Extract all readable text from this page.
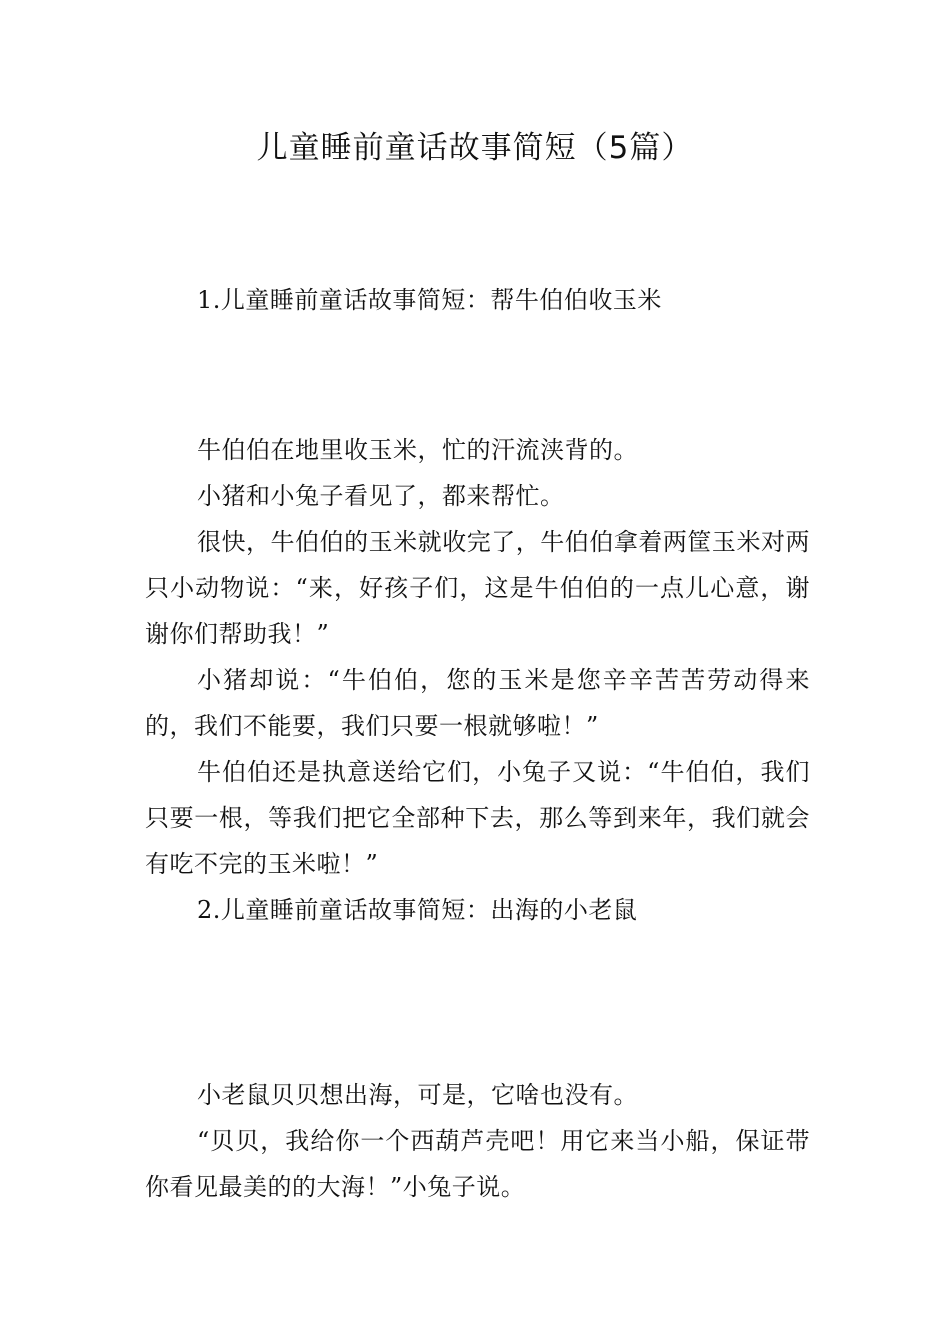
儿童睡前童话故事简短（5篇）

1.儿童睡前童话故事简短：帮牛伯伯收玉米

牛伯伯在地里收玉米，忙的汗流浃背的。

小猪和小兔子看见了，都来帮忙。

很快，牛伯伯的玉米就收完了，牛伯伯拿着两筐玉米对两只小动物说：“来，好孩子们，这是牛伯伯的一点儿心意，谢谢你们帮助我！”

小猪却说：“牛伯伯，您的玉米是您辛辛苦苦劳动得来的，我们不能要，我们只要一根就够啦！”

牛伯伯还是执意送给它们，小兔子又说：“牛伯伯，我们只要一根，等我们把它全部种下去，那么等到来年，我们就会有吃不完的玉米啦！”

2.儿童睡前童话故事简短：出海的小老鼠

小老鼠贝贝想出海，可是，它啥也没有。

“贝贝，我给你一个西葫芦壳吧！用它来当小船，保证带你看见最美的的大海！”小兔子说。
